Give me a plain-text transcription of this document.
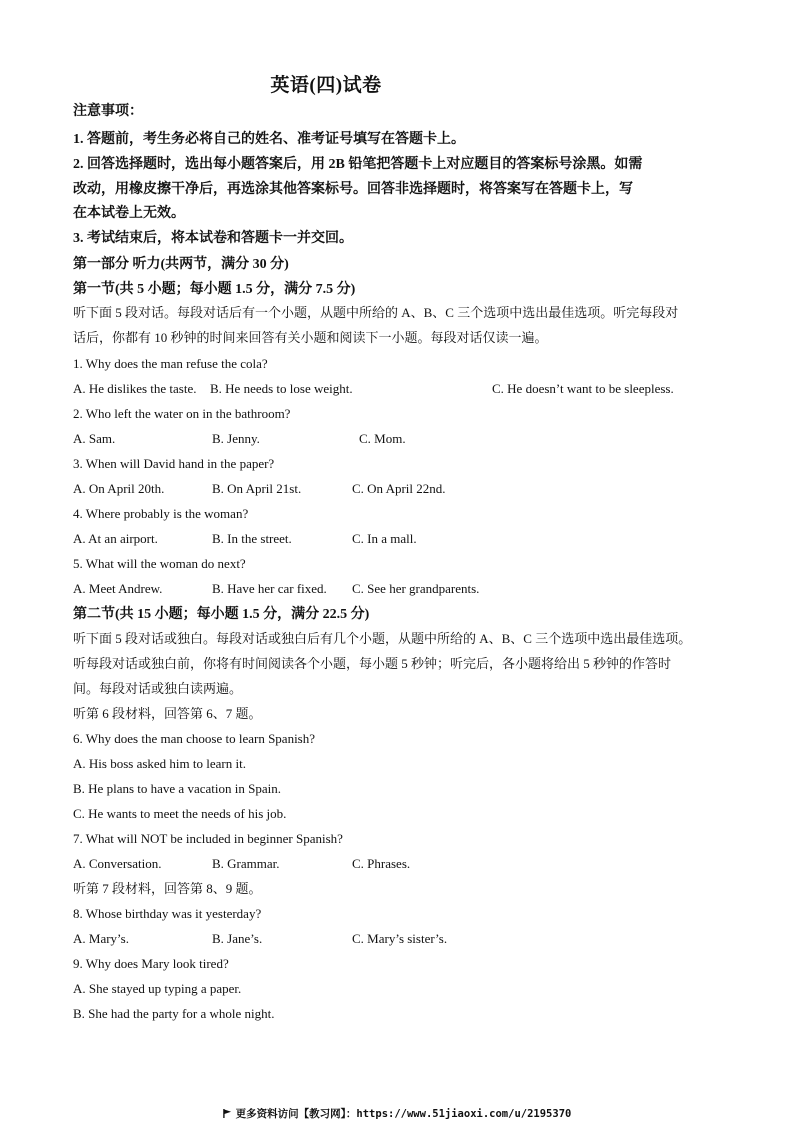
英语(四)试卷
注意事项：
1. 答题前，考生务必将自己的姓名、准考证号填写在答题卡上。
2. 回答选择题时，选出每小题答案后，用 2B 铅笔把答题卡上对应题目的答案标号涂黑。如需
改动，用橡皮擦干净后，再选涂其他答案标号。回答非选择题时，将答案写在答题卡上，写
在本试卷上无效。
3. 考试结束后，将本试卷和答题卡一并交回。
第一部分 听力(共两节，满分 30 分)
第一节(共 5 小题；每小题 1.5 分，满分 7.5 分)
听下面 5 段对话。每段对话后有一个小题，从题中所给的 A、B、C 三个选项中选出最佳选项。听完每段对
话后，你都有 10 秒钟的时间来回答有关小题和阅读下一小题。每段对话仅读一遍。
1. Why does the man refuse the cola?
A. He dislikes the taste. B. He needs to lose weight.	C. He doesn’t want to be sleepless.
2. Who left the water on in the bathroom?
A. Sam.	B. Jenny.	C. Mom.
3. When will David hand in the paper?
A. On April 20th.	B. On April 21st.	C. On April 22nd.
4. Where probably is the woman?
A. At an airport.	B. In the street.	C. In a mall.
5. What will the woman do next?
A. Meet Andrew.	B. Have her car fixed. C. See her grandparents.
第二节(共 15 小题；每小题 1.5 分，满分 22.5 分)
听下面 5 段对话或独白。每段对话或独白后有几个小题，从题中所给的 A、B、C 三个选项中选出最佳选项。
听每段对话或独白前，你将有时间阅读各个小题，每小题 5 秒钟；听完后，各小题将给出 5 秒钟的作答时
间。每段对话或独白读两遍。
听第 6 段材料，回答第 6、7 题。
6. Why does the man choose to learn Spanish?
A. His boss asked him to learn it.
B. He plans to have a vacation in Spain.
C. He wants to meet the needs of his job.
7. What will NOT be included in beginner Spanish?
A. Conversation.	B. Grammar.	C. Phrases.
听第 7 段材料，回答第 8、9 题。
8. Whose birthday was it yesterday?
A. Mary’s.	B. Jane’s.	C. Mary’s sister’s.
9. Why does Mary look tired?
A. She stayed up typing a paper.
B. She had the party for a whole night.
更多资料访问【教习网】：https://www.51jiaoxi.com/u/2195370
